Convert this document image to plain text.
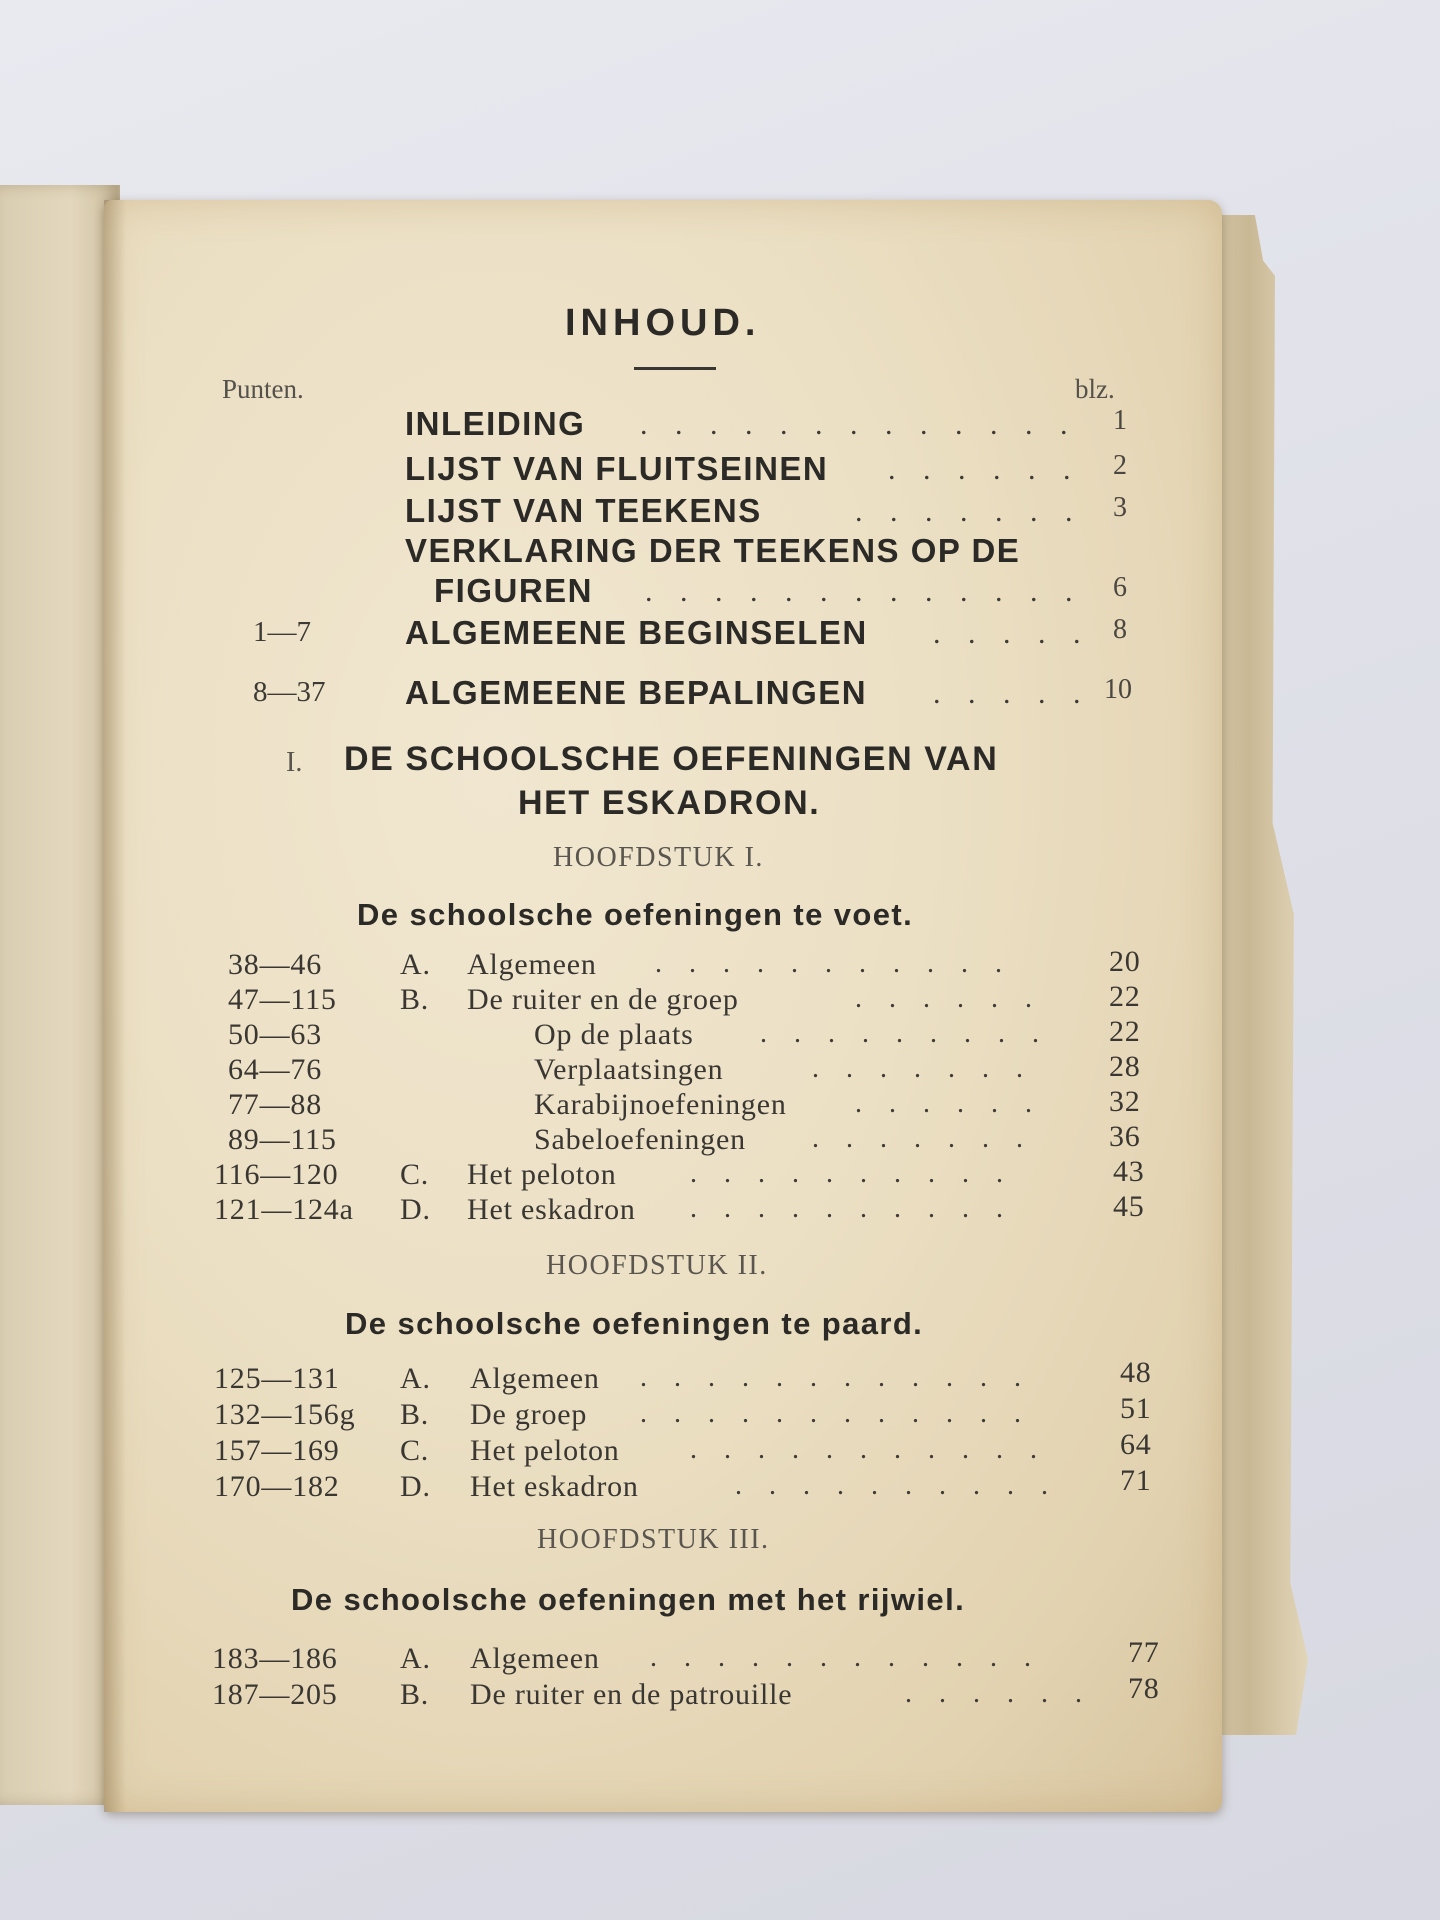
INHOUD.
Punten.	blz.
INLEIDING . . . . . . . . . . . . . 1
LIJST VAN FLUITSEINEN . . . . . . 2
LIJST VAN TEEKENS	. . . . . . . 3
VERKLARING DER TEEKENS OP DE
FIGUREN . . . . . . . . . . . . . 6
1—7	ALGEMEENE BEGINSELEN . . . . . 8
8—37 ALGEMEENE BEPALINGEN . . . . . 10
I. DE SCHOOLSCHE OEFENINGEN VAN
HET ESKADRON.
HOOFDSTUK I.
De schoolsche oefeningen te voet.
38—46	A. Algemeen . . . . . . . . . . .	20
47—115 B. De ruiter en de groep	. . . . . . 22
50—63	Op de plaats . . . . . . . . . 22
64—76	Verplaatsingen	. . . . . . .	28
77—88	Karabijnoefeningen . . . . . . 32
89—115	Sabeloefeningen . . . . . . .	36
116—120 C. Het peloton	. . . . . . . . . .	43
121—124a D. Het eskadron . . . . . . . . . .	45
HOOFDSTUK II.
De schoolsche oefeningen te paard.
125—131 A. Algemeen . . . . . . . . . . . .	48
132—156g B. De groep . . . . . . . . . . . .	51
157—169 C. Het peloton	. . . . . . . . . . . 64
170—182 D. Het eskadron	. . . . . . . . . . 71
HOOFDSTUK III.
De schoolsche oefeningen met het rijwiel.
183—186 A. Algemeen . . . . . . . . . . . .	77
187—205 B. De ruiter en de patrouille	. . . . . . 78
